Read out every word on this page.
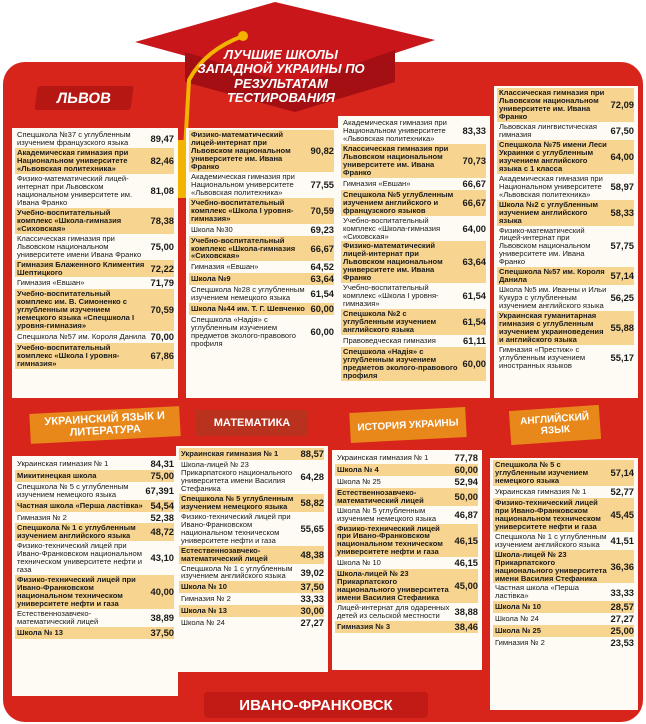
ЛУЧШИЕ ШКОЛЫ ЗАПАДНОЙ УКРАИНЫ ПО РЕЗУЛЬТАТАМ ТЕСТИРОВАНИЯ
ЛЬВОВ
Спецшкола №37 с углубленным изучением французского языка	89,47
Академическая гимназия при Национальном университете «Львовская политехника»
82,46
Физико-математический лицей-интернат при Львовском национальном университете им. Ивана Франко
81,08
Учебно-воспитательный комплекс «Школа-гимназия «Сиховская»
78,38
Классическая гимназия при Львовском национальном университете имени Ивана Франко
75,00
Гимназия Блаженного Климентия Шептицкого	72,22
Гимназия «Евшан»	71,79
Учебно-воспитательный комплекс им. В. Симоненко с углубленным изучением немецкого языка «Спецшкола І уровня-гимназия»
70,59
Спецшкола №57 им. Короля Данила 70,00
Учебно-воспитательный комплекс «Школа І уровня-гимназия»
67,86
Физико-математический лицей-интернат при Львовском национальном университете им. Ивана Франко
90,82
Академическая гимназия при Национальном университете «Львовская политехника»
77,55
Учебно-воспитательный комплекс «Школа І уровня-гимназия»
70,59
Школа №30	69,23
Учебно-воспитательный комплекс «Школа-гимназия «Сиховская»
66,67
Гимназия «Евшан»	64,52
Школа №9	63,64
Спецшкола №28 с углубленным изучением немецкого языка	61,54
Школа №44 им. Т. Г. Шевченко 60,00
Спецшкола «Надія» с углубленным изучением предметов эколого-правового профиля
60,00
Академическая гимназия при Национальном университете «Львовская политехника»
83,33
Классическая гимназия при Львовском национальном университете им. Ивана Франко
70,73
Гимназия «Евшан»	66,67
Спецшкола №5 углубленным изучением английского и французского языков
66,67
Учебно-воспитательный комплекс «Школа-гимназия «Сиховская»
64,00
Физико-математический лицей-интернат при Львовском национальном университете им. Ивана Франко
63,64
Учебно-воспитательный комплекс «Школа І уровня-гимназия»
61,54
Спецшкола №2 с углубленным изучением английского языка
61,54
Правоведческая гимназия	61,11
Спецшкола «Надія» с углубленным изучением предметов эколого-правового профиля
60,00
Классическая гимназия при Львовском национальном университете им. Ивана Франко
72,09
Львовская лингвистическая гимназия	67,50
Спецшкола №75 имени Леси Украинки с углубленным изучением английского языка с 1 класса
64,00
Академическая гимназия при Национальном университете «Львовская политехника»
58,97
Школа №2 с углубленным изучением английского языка
58,33
Физико-математический лицей-интернат при Львовском национальном университете им. Ивана Франко
57,75
Спецшкола №57 им. Короля Данила	57,14
Школа №5 им. Иванны и Ильи Кукурэ с углубленным изучением английского языка
56,25
Украинская гуманитарная гимназия с углубленным изучением украиноведения и английского языка
55,88
Гимназия «Престиж» с углубленным изучением иностранных языков
55,17
УКРАИНСКИЙ ЯЗЫК И ЛИТЕРАТУРА
МАТЕМАТИКА	ИСТОРИЯ УКРАИНЫ	АНГЛИЙСКИЙ ЯЗЫК
Украинская гимназия № 1	84,31
Микитинецкая школа	75,00
Спецшкола № 5 с углубленным изучением немецкого языка	67,391
Частная школа «Перша ластівка» 54,54
Гимназия № 2	52,38
Спецшкола № 1 с углубленным изучением английского языка	48,72
Физико-технический лицей при Ивано-Франковском национальном техническом университете нефти и газа
43,10
Физико-технический лицей при Ивано-Франковском национальном техническом университете нефти и газа
40,00
Естественнозавчеко-математический лицей	38,89
Школа № 13	37,50
Украинская гимназия № 1	88,57
Школа-лицей № 23 Прикарпатского национального университета имени Василия Стефаника
64,28
Спецшкола № 5 углубленным изучением немецкого языка	58,82
Физико-технический лицей при Ивано-Франковском национальном техническом университете нефти и газа
55,65
Естественнозавчеко-математический лицей	48,38
Спецшкола № 1 с углубленным изучением английского языка	39,02
Школа № 10	37,50
Гимназия № 2	33,33
Школа № 13	30,00
Школа № 24	27,27
Украинская гимназия № 1	77,78
Школа № 4	60,00
Школа № 25	52,94
Естественнозавчеко-математический лицей	50,00
Школа № 5 углубленным изучением немецкого языка	46,87
Физико-технический лицей при Ивано-Франковском национальном техническом университете нефти и газа
46,15
Школа № 10	46,15
Школа-лицей № 23 Прикарпатского национального университета имени Василия Стефаника
45,00
Лицей-интернат для одаренных детей из сельской местности	38,88
Гимназия № 3	38,46
Спецшкола № 5 с углубленным изучением немецкого языка
57,14
Украинская гимназия № 1	52,77
Физико-технический лицей при Ивано-Франковском национальном техническом университете нефти и газа
45,45
Спецшкола № 1 с углубленным изучением английского языка	41,51
Школа-лицей № 23 Прикарпатского национального университета имени Василия Стефаника
36,36
Частная школа «Перша ластівка»	33,33
Школа № 10	28,57
Школа № 24	27,27
Школа № 25	25,00
Гимназия № 2	23,53
ИВАНО-ФРАНКОВСК
